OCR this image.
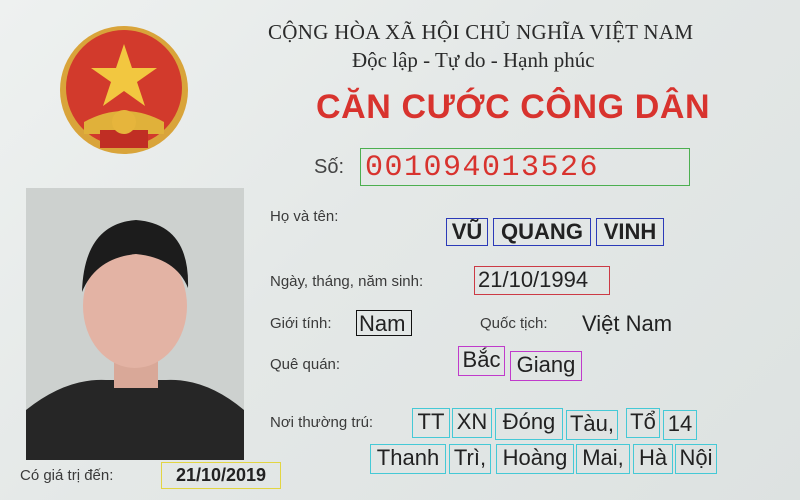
CỘNG HÒA XÃ HỘI CHỦ NGHĨA VIỆT NAM
Độc lập - Tự do - Hạnh phúc
CĂN CƯỚC CÔNG DÂN
Số: 001094013526
Họ và tên:
VŨ QUANG VINH
Ngày, tháng, năm sinh: 21/10/1994
Giới tính: Nam	Quốc tịch: Việt Nam
Quê quán:	Bắc Giang
Nơi thường trú: TT XN Đóng Tàu, Tổ 14
Thanh Trì, Hoàng Mai, Hà Nội
Có giá trị đến:	21/10/2019
